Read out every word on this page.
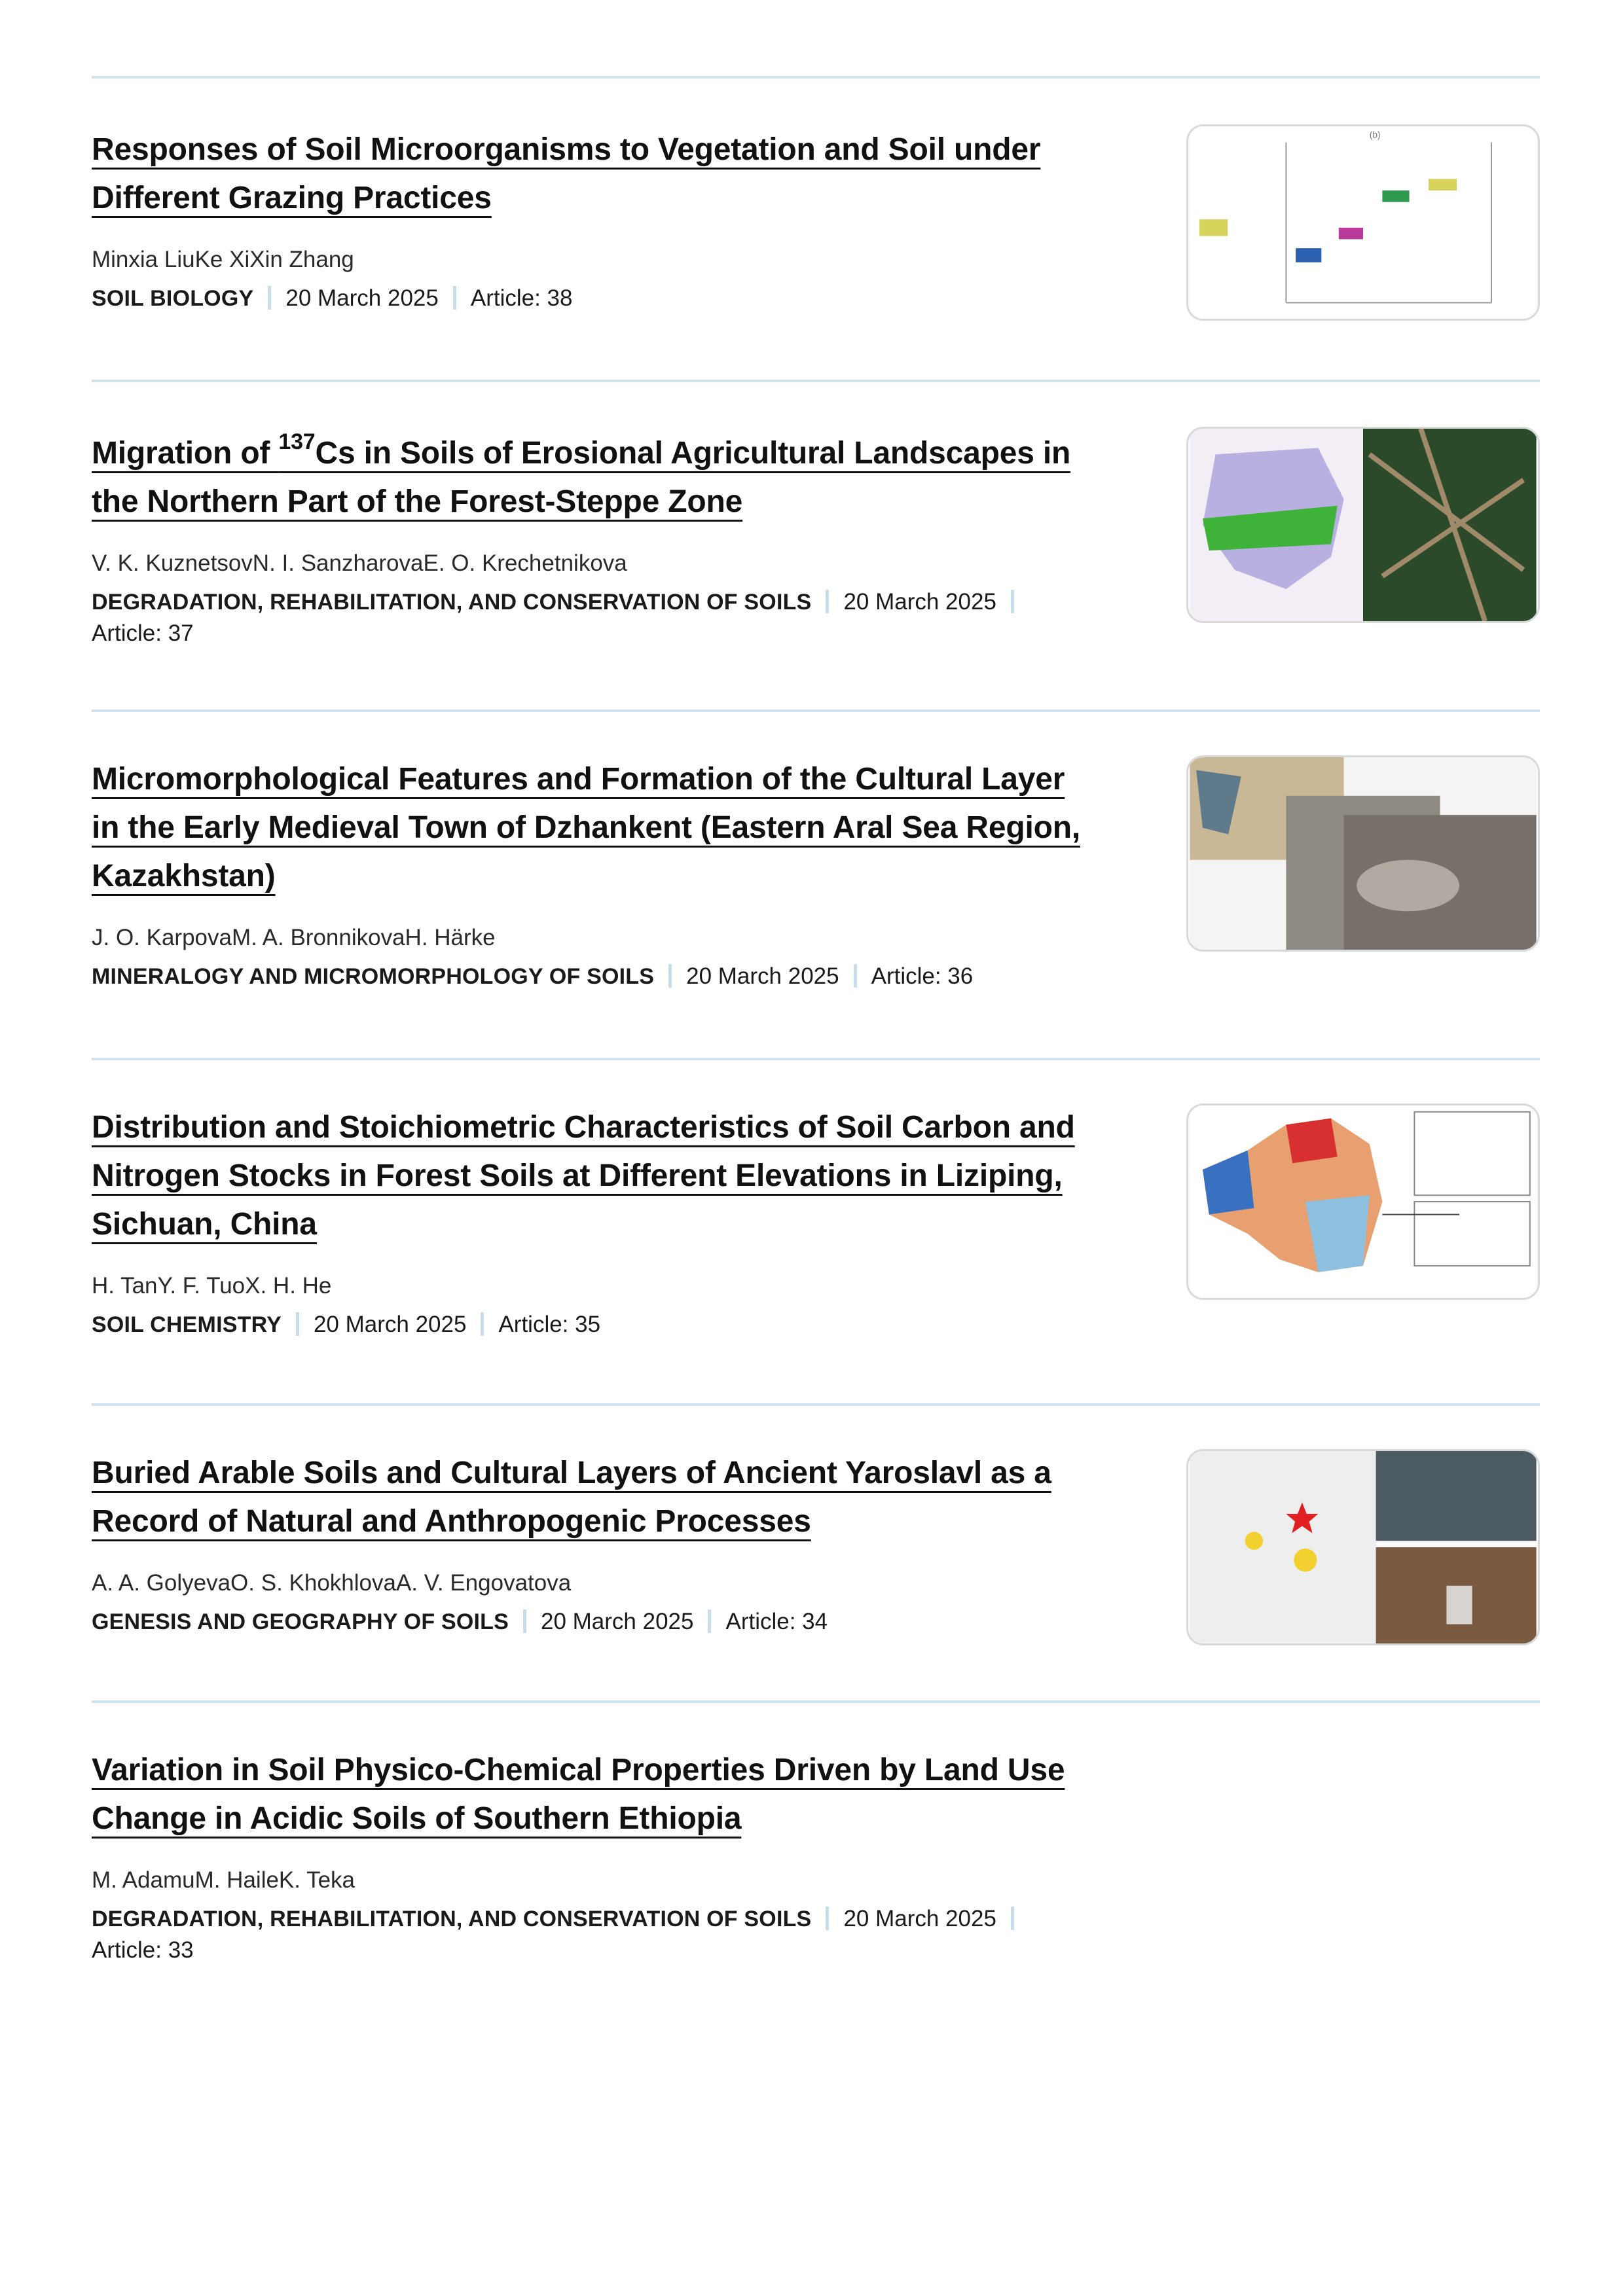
Responses of Soil Microorganisms to Vegetation and Soil under
Different Grazing Practices
Minxia LiuKe XiXin Zhang
SOIL BIOLOGY 20 March 2025 Article: 38
(b)
Migration of $^{137}$Cs in Soils of Erosional Agricultural Landscapes in
the Northern Part of the Forest-Steppe Zone
V. K. KuznetsovN. I. SanzharovaE. O. Krechetnikova
DEGRADATION, REHABILITATION, AND CONSERVATION OF SOILS 20 March 2025
Article: 37
Micromorphological Features and Formation of the Cultural Layer
in the Early Medieval Town of Dzhankent (Eastern Aral Sea Region,
Kazakhstan)
J. O. KarpovaM. A. BronnikovaH. Härke
MINERALOGY AND MICROMORPHOLOGY OF SOILS 20 March 2025 Article: 36
Distribution and Stoichiometric Characteristics of Soil Carbon and
Nitrogen Stocks in Forest Soils at Different Elevations in Liziping,
Sichuan, China
H. TanY. F. TuoX. H. He
SOIL CHEMISTRY 20 March 2025 Article: 35
Buried Arable Soils and Cultural Layers of Ancient Yaroslavl as a
Record of Natural and Anthropogenic Processes
A. A. GolyevaO. S. KhokhlovaA. V. Engovatova
GENESIS AND GEOGRAPHY OF SOILS 20 March 2025 Article: 34
Variation in Soil Physico-Chemical Properties Driven by Land Use
Change in Acidic Soils of Southern Ethiopia
M. AdamuM. HaileK. Teka
DEGRADATION, REHABILITATION, AND CONSERVATION OF SOILS 20 March 2025
Article: 33
